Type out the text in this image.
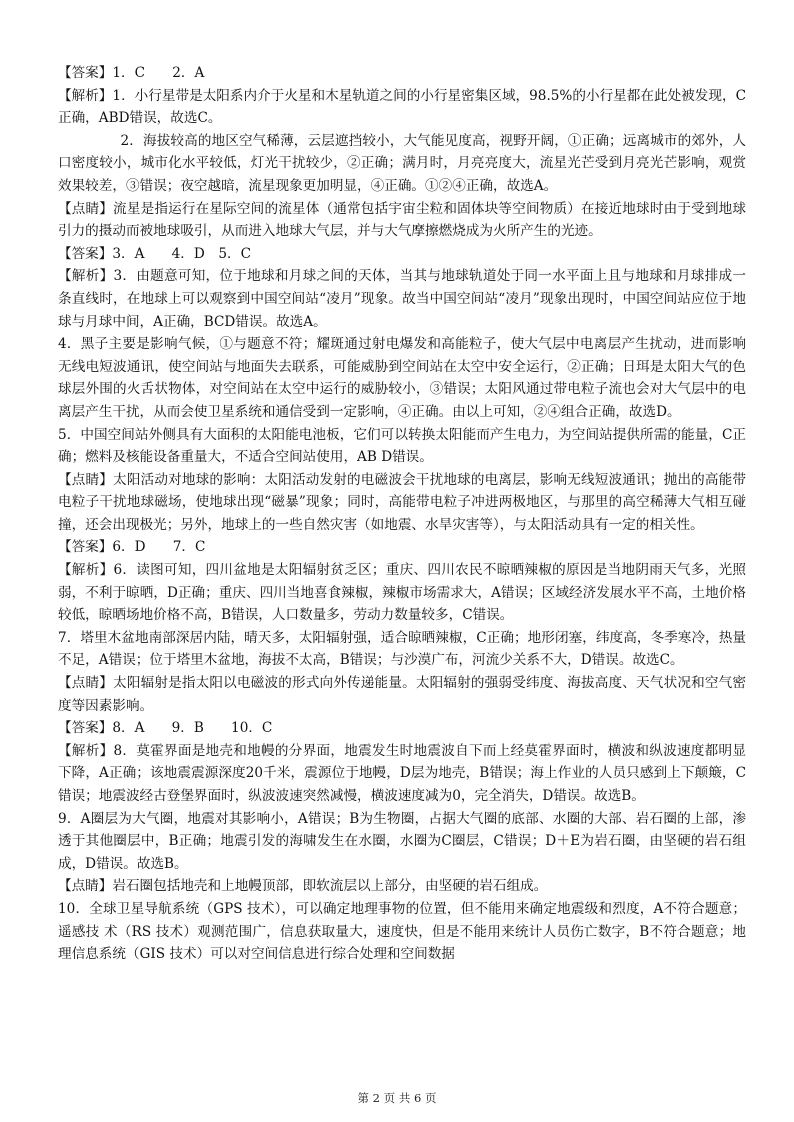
【答案】1．C　　2．A

【解析】1．小行星带是太阳系内介于火星和木星轨道之间的小行星密集区域，98.5%的小行星都在此处被发现，C正确，ABD错误，故选C。

2．海拔较高的地区空气稀薄，云层遮挡较小，大气能见度高，视野开阔，①正确；远离城市的郊外，人口密度较小，城市化水平较低，灯光干扰较少，②正确；满月时，月亮亮度大，流星光芒受到月亮光芒影响，观赏效果较差，③错误；夜空越暗，流星现象更加明显，④正确。①②④正确，故选A。

【点睛】流星是指运行在星际空间的流星体（通常包括宇宙尘粒和固体块等空间物质）在接近地球时由于受到地球引力的摄动而被地球吸引，从而进入地球大气层，并与大气摩擦燃烧成为火所产生的光迹。

【答案】3．A　　4．D　5．C

【解析】3．由题意可知，位于地球和月球之间的天体，当其与地球轨道处于同一水平面上且与地球和月球排成一条直线时，在地球上可以观察到中国空间站“凌月”现象。故当中国空间站“凌月”现象出现时，中国空间站应位于地球与月球中间，A正确，BCD错误。故选A。

4．黑子主要是影响气候，①与题意不符；耀斑通过射电爆发和高能粒子，使大气层中电离层产生扰动，进而影响无线电短波通讯，使空间站与地面失去联系，可能威胁到空间站在太空中安全运行，②正确；日珥是太阳大气的色球层外围的火舌状物体，对空间站在太空中运行的威胁较小，③错误；太阳风通过带电粒子流也会对大气层中的电离层产生干扰，从而会使卫星系统和通信受到一定影响，④正确。由以上可知，②④组合正确，故选D。

5．中国空间站外侧具有大面积的太阳能电池板，它们可以转换太阳能而产生电力，为空间站提供所需的能量，C正确；燃料及核能设备重量大，不适合空间站使用，AB D错误。

【点睛】太阳活动对地球的影响：太阳活动发射的电磁波会干扰地球的电离层，影响无线短波通讯；抛出的高能带电粒子干扰地球磁场，使地球出现“磁暴”现象；同时，高能带电粒子冲进两极地区，与那里的高空稀薄大气相互碰撞，还会出现极光；另外，地球上的一些自然灾害（如地震、水旱灾害等），与太阳活动具有一定的相关性。

【答案】6．D　　7．C

【解析】6．读图可知，四川盆地是太阳辐射贫乏区；重庆、四川农民不晾晒辣椒的原因是当地阴雨天气多，光照弱，不利于晾晒，D正确；重庆、四川当地喜食辣椒，辣椒市场需求大，A错误；区域经济发展水平不高，土地价格较低，晾晒场地价格不高，B错误，人口数量多，劳动力数量较多，C错误。

7．塔里木盆地南部深居内陆，晴天多，太阳辐射强，适合晾晒辣椒，C正确；地形闭塞，纬度高，冬季寒冷，热量不足，A错误；位于塔里木盆地，海拔不太高，B错误；与沙漠广布，河流少关系不大，D错误。故选C。

【点睛】太阳辐射是指太阳以电磁波的形式向外传递能量。太阳辐射的强弱受纬度、海拔高度、天气状况和空气密度等因素影响。

【答案】8．A　　9．B　　10．C

【解析】8．莫霍界面是地壳和地幔的分界面，地震发生时地震波自下而上经莫霍界面时，横波和纵波速度都明显下降，A正确；该地震震源深度20千米，震源位于地幔，D层为地壳，B错误；海上作业的人员只感到上下颠簸，C错误；地震波经古登堡界面时，纵波波速突然减慢，横波速度减为0，完全消失，D错误。故选B。

9．A圈层为大气圈，地震对其影响小，A错误；B为生物圈，占据大气圈的底部、水圈的大部、岩石圈的上部，渗透于其他圈层中，B正确；地震引发的海啸发生在水圈，水圈为C圈层，C错误；D＋E为岩石圈，由坚硬的岩石组成，D错误。故选B。

【点睛】岩石圈包括地壳和上地幔顶部，即软流层以上部分，由坚硬的岩石组成。

10．全球卫星导航系统（GPS 技术），可以确定地理事物的位置，但不能用来确定地震级和烈度，A不符合题意；遥感技 术（RS 技术）观测范围广，信息获取量大，速度快，但是不能用来统计人员伤亡数字，B不符合题意；地理信息系统（GIS 技术）可以对空间信息进行综合处理和空间数据

第 2 页 共 6 页
